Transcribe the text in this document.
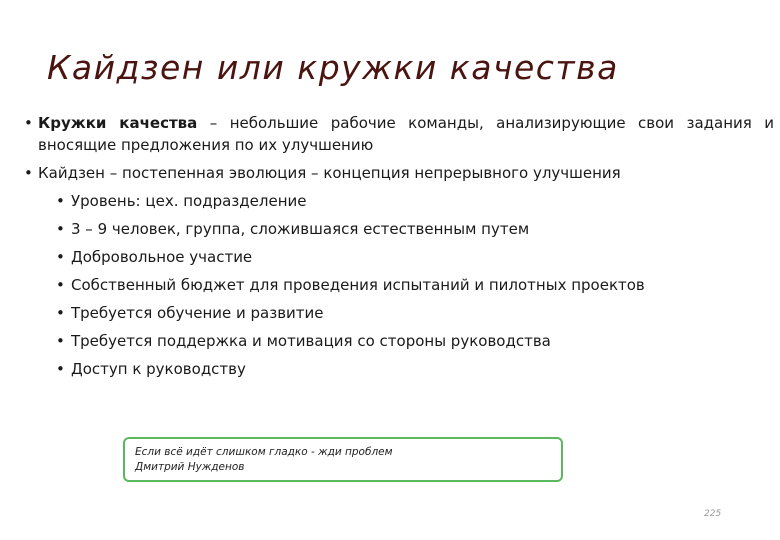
Кайдзен или кружки качества
• Кружки качества – небольшие рабочие команды, анализирующие свои задания и вносящие предложения по их улучшению
• Кайдзен – постепенная эволюция – концепция непрерывного улучшения
• Уровень: цех. подразделение
• 3 – 9 человек, группа, сложившаяся естественным путем
• Добровольное участие
• Собственный бюджет для проведения испытаний и пилотных проектов
• Требуется обучение и развитие
• Требуется поддержка и мотивация со стороны руководства
• Доступ к руководству
Если всё идёт слишком гладко - жди проблем
Дмитрий Нужденов
225
